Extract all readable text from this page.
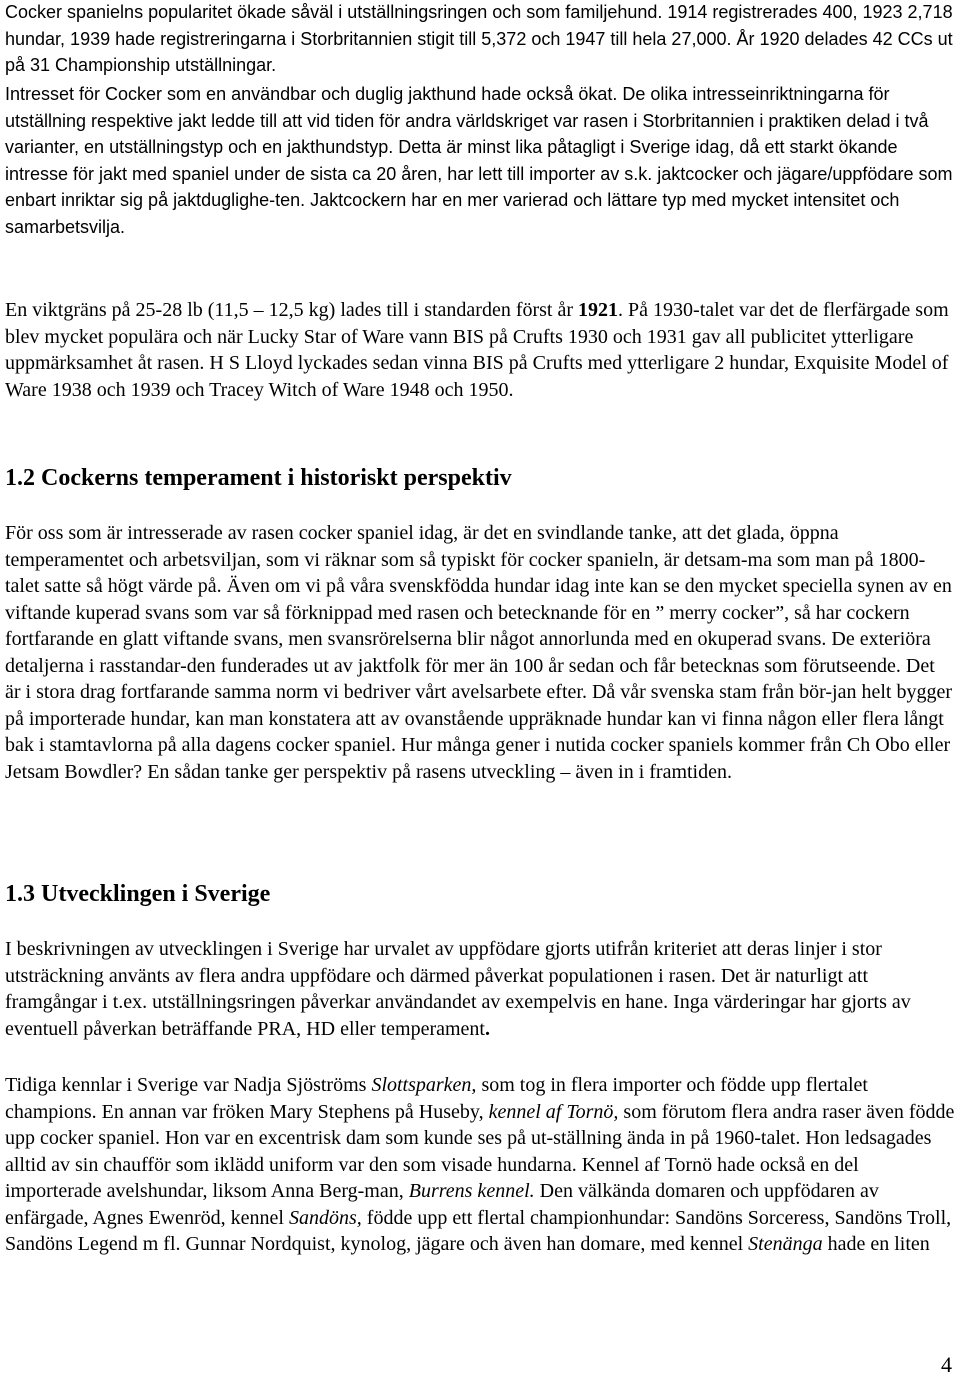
Cocker spanielns popularitet ökade såväl i utställningsringen och som familjehund. 1914 registrerades 400, 1923 2,718 hundar, 1939 hade registreringarna i Storbritannien stigit till 5,372 och 1947 till hela 27,000. År 1920 delades 42 CCs ut på 31 Championship utställningar.

Intresset för Cocker som en användbar och duglig jakthund hade också ökat. De olika intresseinriktningarna för utställning respektive jakt ledde till att vid tiden för andra världskriget var rasen i Storbritannien i praktiken delad i två varianter, en utställningstyp och en jakthundstyp. Detta är minst lika påtagligt i Sverige idag, då ett starkt ökande intresse för jakt med spaniel under de sista ca 20 åren, har lett till importer av s.k. jaktcocker och jägare/uppfödare som enbart inriktar sig på jaktduglighe-ten. Jaktcockern har en mer varierad och lättare typ med mycket intensitet och samarbetsvilja.

En viktgräns på 25-28 lb (11,5 – 12,5 kg) lades till i standarden först år 1921. På 1930-talet var det de flerfärgade som blev mycket populära och när Lucky Star of Ware vann BIS på Crufts 1930 och 1931 gav all publicitet ytterligare uppmärksamhet åt rasen. H S Lloyd lyckades sedan vinna BIS på Crufts med ytterligare 2 hundar, Exquisite Model of Ware 1938 och 1939 och Tracey Witch of Ware 1948 och 1950.

1.2 Cockerns temperament i historiskt perspektiv

För oss som är intresserade av rasen cocker spaniel idag, är det en svindlande tanke, att det glada, öppna temperamentet och arbetsviljan, som vi räknar som så typiskt för cocker spanieln, är detsam-ma som man på 1800-talet satte så högt värde på. Även om vi på våra svenskfödda hundar idag inte kan se den mycket speciella synen av en viftande kuperad svans som var så förknippad med rasen och betecknande för en ” merry cocker”, så har cockern fortfarande en glatt viftande svans, men svansrörelserna blir något annorlunda med en okuperad svans. De exteriöra detaljerna i rasstandar-den funderades ut av jaktfolk för mer än 100 år sedan och får betecknas som förutseende. Det är i stora drag fortfarande samma norm vi bedriver vårt avelsarbete efter. Då vår svenska stam från bör-jan helt bygger på importerade hundar, kan man konstatera att av ovanstående uppräknade hundar kan vi finna någon eller flera långt bak i stamtavlorna på alla dagens cocker spaniel. Hur många gener i nutida cocker spaniels kommer från Ch Obo eller Jetsam Bowdler? En sådan tanke ger perspektiv på rasens utveckling – även in i framtiden.

1.3 Utvecklingen i Sverige

I beskrivningen av utvecklingen i Sverige har urvalet av uppfödare gjorts utifrån kriteriet att deras linjer i stor utsträckning använts av flera andra uppfödare och därmed påverkat populationen i rasen. Det är naturligt att framgångar i t.ex. utställningsringen påverkar användandet av exempelvis en hane. Inga värderingar har gjorts av eventuell påverkan beträffande PRA, HD eller temperament.

Tidiga kennlar i Sverige var Nadja Sjöströms Slottsparken, som tog in flera importer och födde upp flertalet champions. En annan var fröken Mary Stephens på Huseby, kennel af Tornö, som förutom flera andra raser även födde upp cocker spaniel. Hon var en excentrisk dam som kunde ses på ut-ställning ända in på 1960-talet. Hon ledsagades alltid av sin chaufför som iklädd uniform var den som visade hundarna. Kennel af Tornö hade också en del importerade avelshundar, liksom Anna Berg-man, Burrens kennel. Den välkända domaren och uppfödaren av enfärgade, Agnes Ewenröd, kennel Sandöns, födde upp ett flertal championhundar: Sandöns Sorceress, Sandöns Troll, Sandöns Legend m fl. Gunnar Nordquist, kynolog, jägare och även han domare, med kennel Stenänga hade en liten

4
